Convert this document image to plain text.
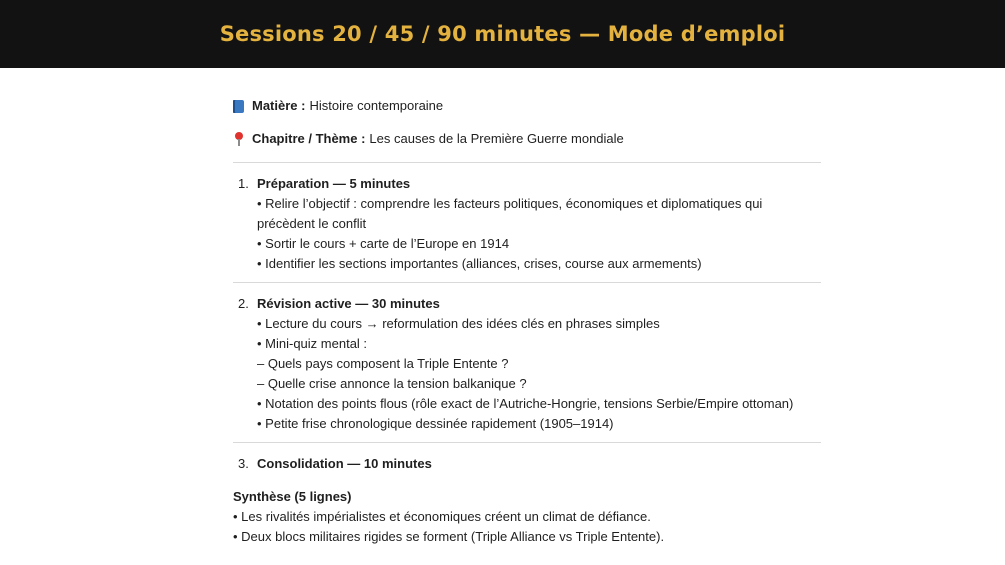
Sessions 20 / 45 / 90 minutes — Mode d’emploi
Matière : Histoire contemporaine
Chapitre / Thème : Les causes de la Première Guerre mondiale
1. Préparation — 5 minutes
• Relire l’objectif : comprendre les facteurs politiques, économiques et diplomatiques qui précèdent le conflit
• Sortir le cours + carte de l’Europe en 1914
• Identifier les sections importantes (alliances, crises, course aux armements)
2. Révision active — 30 minutes
• Lecture du cours → reformulation des idées clés en phrases simples
• Mini-quiz mental :
– Quels pays composent la Triple Entente ?
– Quelle crise annonce la tension balkanique ?
• Notation des points flous (rôle exact de l’Autriche-Hongrie, tensions Serbie/Empire ottoman)
• Petite frise chronologique dessinée rapidement (1905–1914)
3. Consolidation — 10 minutes
Synthèse (5 lignes)
• Les rivalités impérialistes et économiques créent un climat de défiance.
• Deux blocs militaires rigides se forment (Triple Alliance vs Triple Entente).
